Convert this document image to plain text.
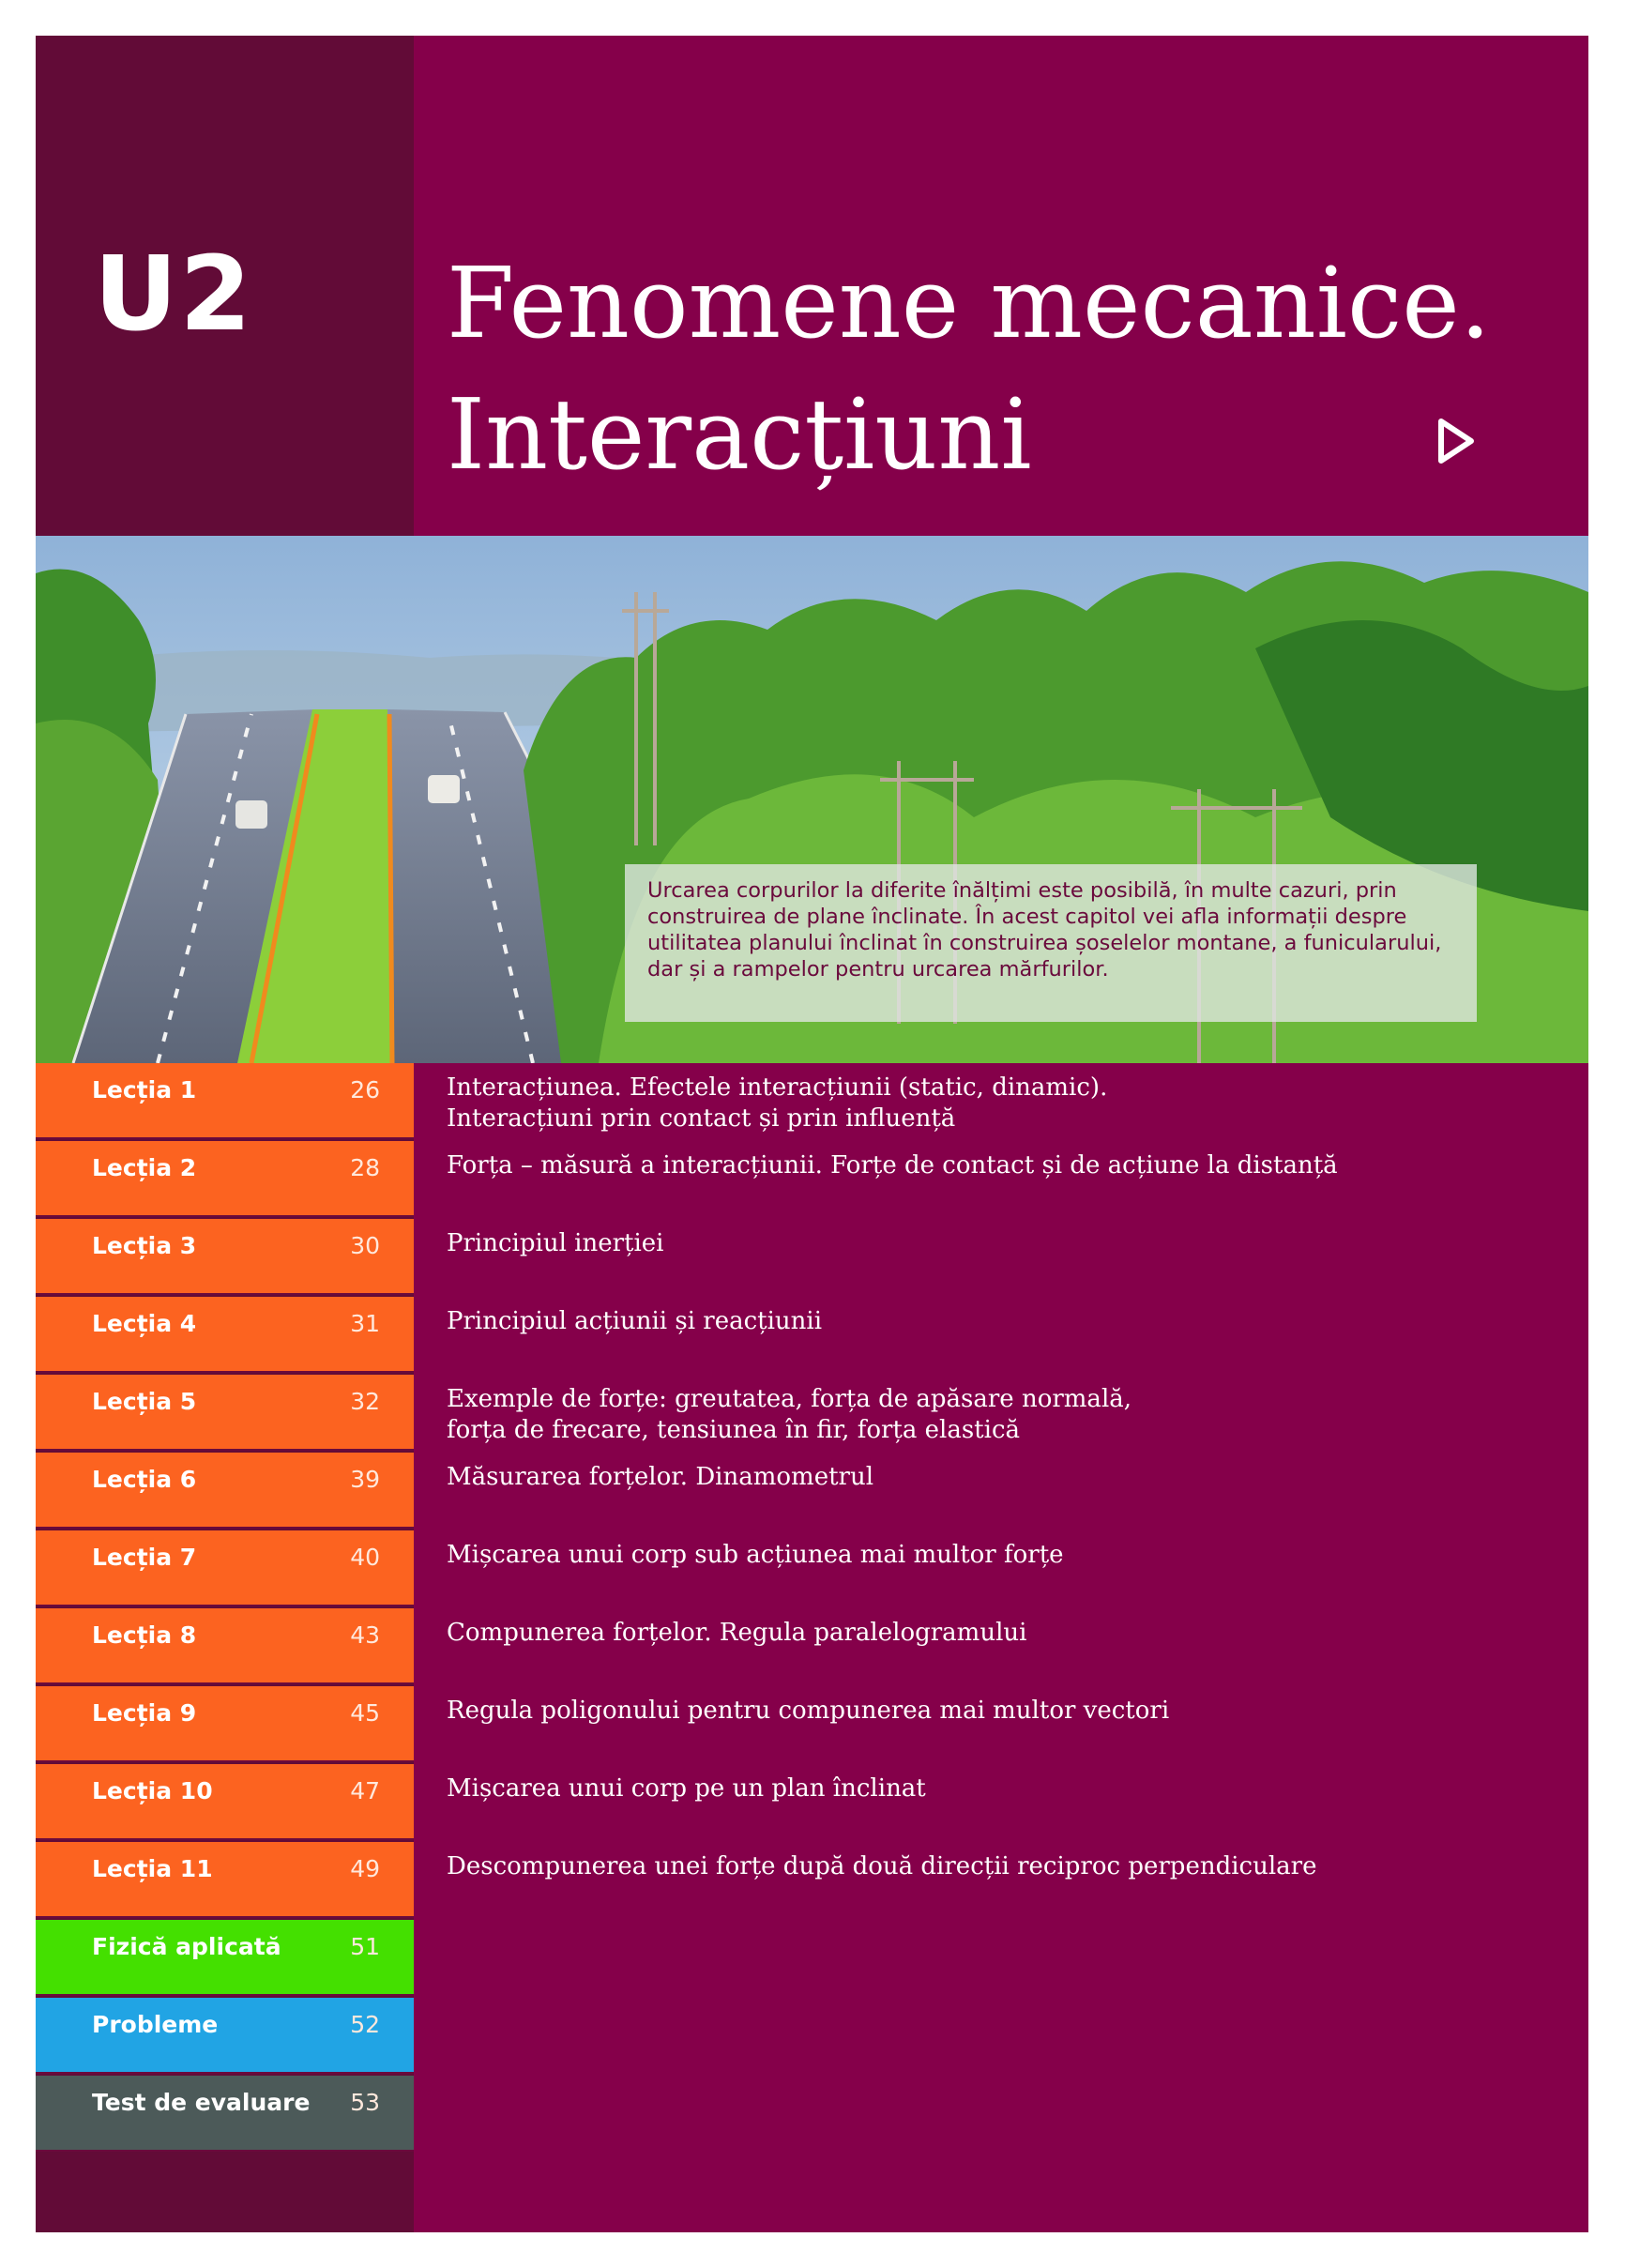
U2 Fenomene mecanice.
Interacțiuni
Urcarea corpurilor la diferite înălțimi este posibilă, în multe cazuri, prin construirea de plane înclinate. În acest capitol vei afla informații despre utilitatea planului înclinat în construirea șoselelor montane, a funicularului, dar și a rampelor pentru urcarea mărfurilor.
Lecția 1	26	Interacțiunea. Efectele interacțiunii (static, dinamic).
Interacțiuni prin contact și prin influență
Lecția 2	28	Forța – măsură a interacțiunii. Forțe de contact și de acțiune la distanță
Lecția 3	30	Principiul inerției
Lecția 4	31	Principiul acțiunii și reacțiunii
Lecția 5	32	Exemple de forțe: greutatea, forța de apăsare normală,
forța de frecare, tensiunea în fir, forța elastică
Lecția 6	39	Măsurarea forțelor. Dinamometrul
Lecția 7	40	Mișcarea unui corp sub acțiunea mai multor forțe
Lecția 8	43	Compunerea forțelor. Regula paralelogramului
Lecția 9	45	Regula poligonului pentru compunerea mai multor vectori
Lecția 10	47	Mișcarea unui corp pe un plan înclinat
Lecția 11	49	Descompunerea unei forțe după două direcții reciproc perpendiculare
Fizică aplicată	51
Probleme	52
Test de evaluare 53
